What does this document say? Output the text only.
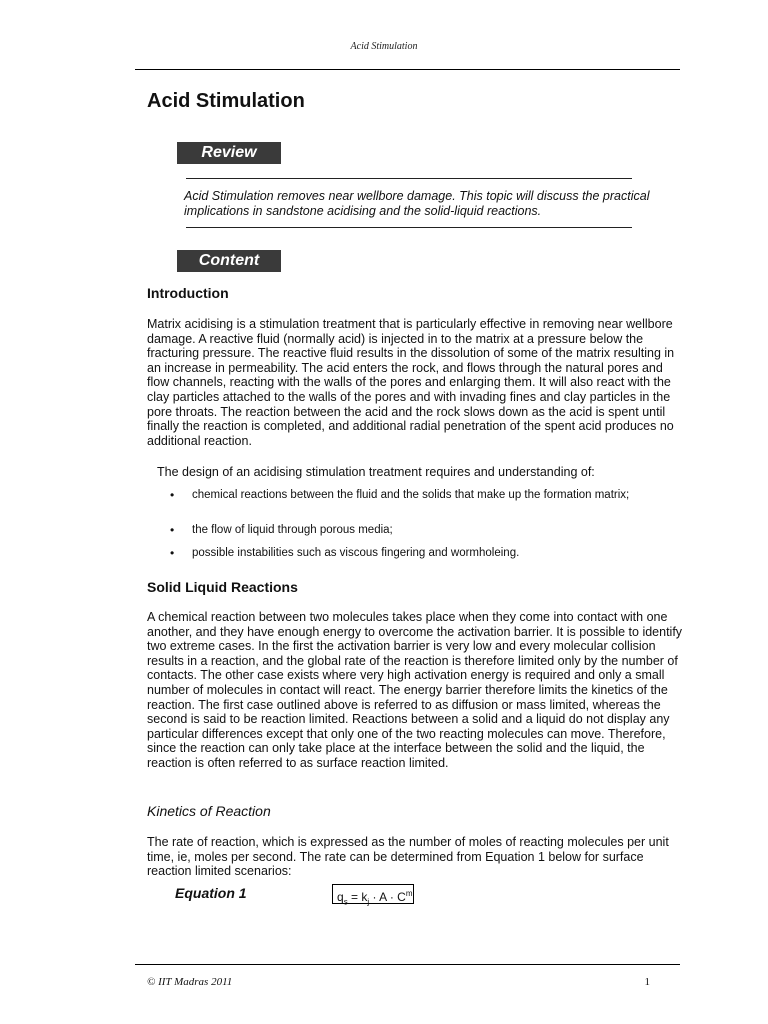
Acid Stimulation
Acid Stimulation
Review

Acid Stimulation removes near wellbore damage. This topic will discuss the practical implications in sandstone acidising and the solid-liquid reactions.

Content
Introduction

Matrix acidising is a stimulation treatment that is particularly effective in removing near wellbore damage. A reactive fluid (normally acid) is injected in to the matrix at a pressure below the fracturing pressure. The reactive fluid results in the dissolution of some of the matrix resulting in an increase in permeability. The acid enters the rock, and flows through the natural pores and flow channels, reacting with the walls of the pores and enlarging them. It will also react with the clay particles attached to the walls of the pores and with invading fines and clay particles in the pore throats. The reaction between the acid and the rock slows down as the acid is spent until finally the reaction is completed, and additional radial penetration of the spent acid produces no additional reaction.

The design of an acidising stimulation treatment requires and understanding of:

• chemical reactions between the fluid and the solids that make up the formation matrix;
• the flow of liquid through porous media;
• possible instabilities such as viscous fingering and wormholeing.
Solid Liquid Reactions

A chemical reaction between two molecules takes place when they come into contact with one another, and they have enough energy to overcome the activation barrier. It is possible to identify two extreme cases. In the first the activation barrier is very low and every molecular collision results in a reaction, and the global rate of the reaction is therefore limited only by the number of contacts. The other case exists where very high activation energy is required and only a small number of molecules in contact will react. The energy barrier therefore limits the kinetics of the reaction. The first case outlined above is referred to as diffusion or mass limited, whereas the second is said to be reaction limited. Reactions between a solid and a liquid do not display any particular differences except that only one of the two reacting molecules can move. Therefore, since the reaction can only take place at the interface between the solid and the liquid, the reaction is often referred to as surface reaction limited.

Kinetics of Reaction

The rate of reaction, which is expressed as the number of moles of reacting molecules per unit time, ie, moles per second. The rate can be determined from Equation 1 below for surface reaction limited scenarios:

Equation 1	$q_s = k_j \cdot A \cdot C^m$
© IIT Madras 2011	1
